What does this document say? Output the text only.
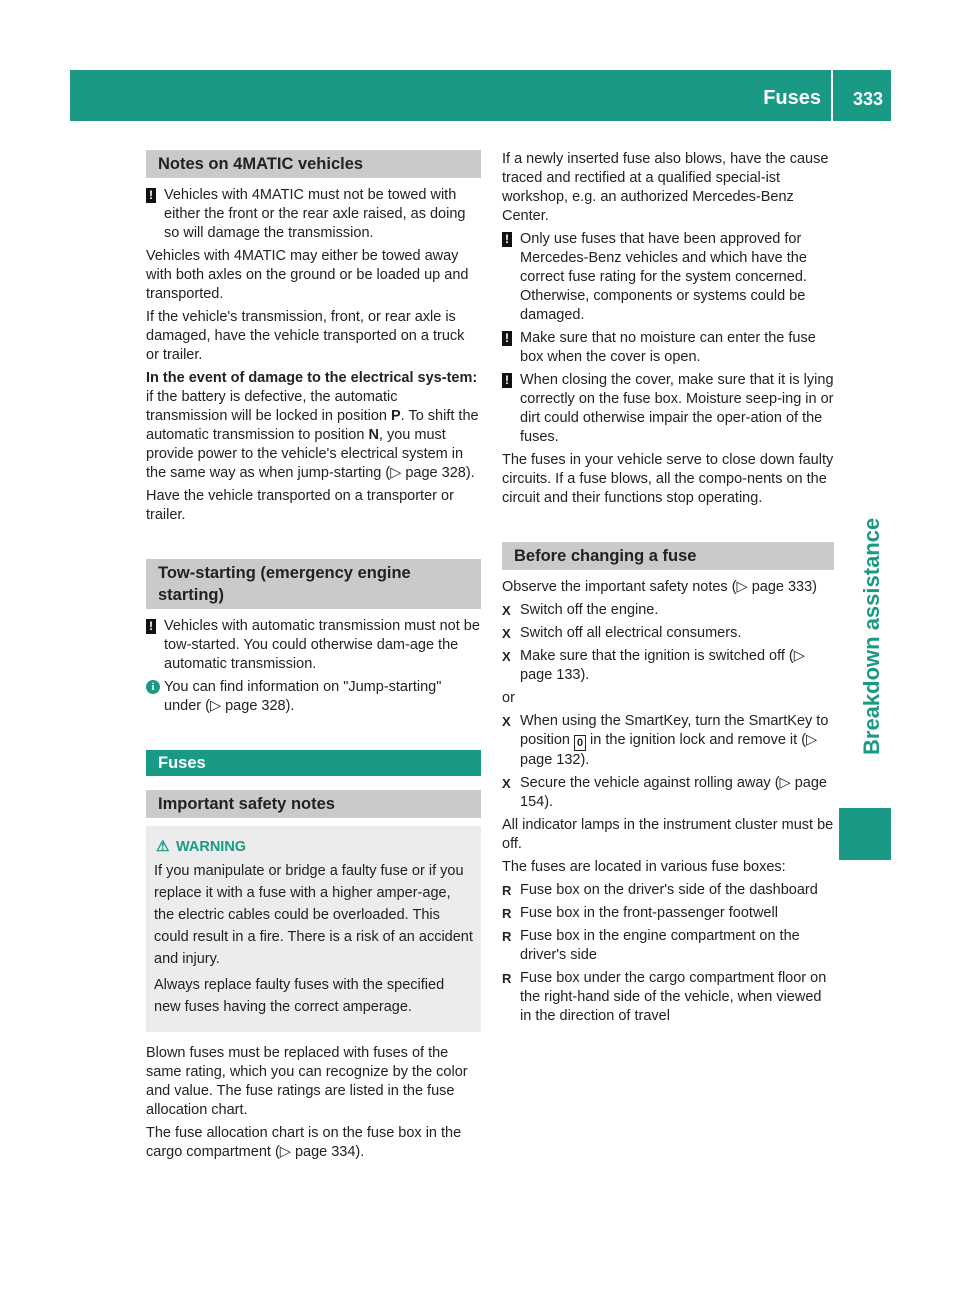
Fuses 333
Breakdown assistance
Notes on 4MATIC vehicles
! Vehicles with 4MATIC must not be towed with either the front or the rear axle raised, as doing so will damage the transmission.

Vehicles with 4MATIC may either be towed away with both axles on the ground or be loaded up and transported.

If the vehicle's transmission, front, or rear axle is damaged, have the vehicle transported on a truck or trailer.

In the event of damage to the electrical sys-tem: if the battery is defective, the automatic transmission will be locked in position P. To shift the automatic transmission to position N, you must provide power to the vehicle's electrical system in the same way as when jump-starting (▷ page 328).

Have the vehicle transported on a transporter or trailer.

Tow-starting (emergency engine starting)
! Vehicles with automatic transmission must not be tow-started. You could otherwise dam-age the automatic transmission.
i You can find information on "Jump-starting" under (▷ page 328).
Fuses
Important safety notes
⚠ WARNING

If you manipulate or bridge a faulty fuse or if you replace it with a fuse with a higher amper-age, the electric cables could be overloaded. This could result in a fire. There is a risk of an accident and injury.

Always replace faulty fuses with the specified new fuses having the correct amperage.

Blown fuses must be replaced with fuses of the same rating, which you can recognize by the color and value. The fuse ratings are listed in the fuse allocation chart.

The fuse allocation chart is on the fuse box in the cargo compartment (▷ page 334).

If a newly inserted fuse also blows, have the cause traced and rectified at a qualified special-ist workshop, e.g. an authorized Mercedes-Benz Center.

! Only use fuses that have been approved for Mercedes-Benz vehicles and which have the correct fuse rating for the system concerned. Otherwise, components or systems could be damaged.
! Make sure that no moisture can enter the fuse box when the cover is open.
! When closing the cover, make sure that it is lying correctly on the fuse box. Moisture seep-ing in or dirt could otherwise impair the oper-ation of the fuses.

The fuses in your vehicle serve to close down faulty circuits. If a fuse blows, all the compo-nents on the circuit and their functions stop operating.

Before changing a fuse

Observe the important safety notes (▷ page 333)

X Switch off the engine.
X Switch off all electrical consumers.
X Make sure that the ignition is switched off (▷ page 133).

or

X When using the SmartKey, turn the SmartKey to position 0 in the ignition lock and remove it (▷ page 132).
X Secure the vehicle against rolling away (▷ page 154).

All indicator lamps in the instrument cluster must be off.

The fuses are located in various fuse boxes:

R Fuse box on the driver's side of the dashboard
R Fuse box in the front-passenger footwell
R Fuse box in the engine compartment on the driver's side
R Fuse box under the cargo compartment floor on the right-hand side of the vehicle, when viewed in the direction of travel
